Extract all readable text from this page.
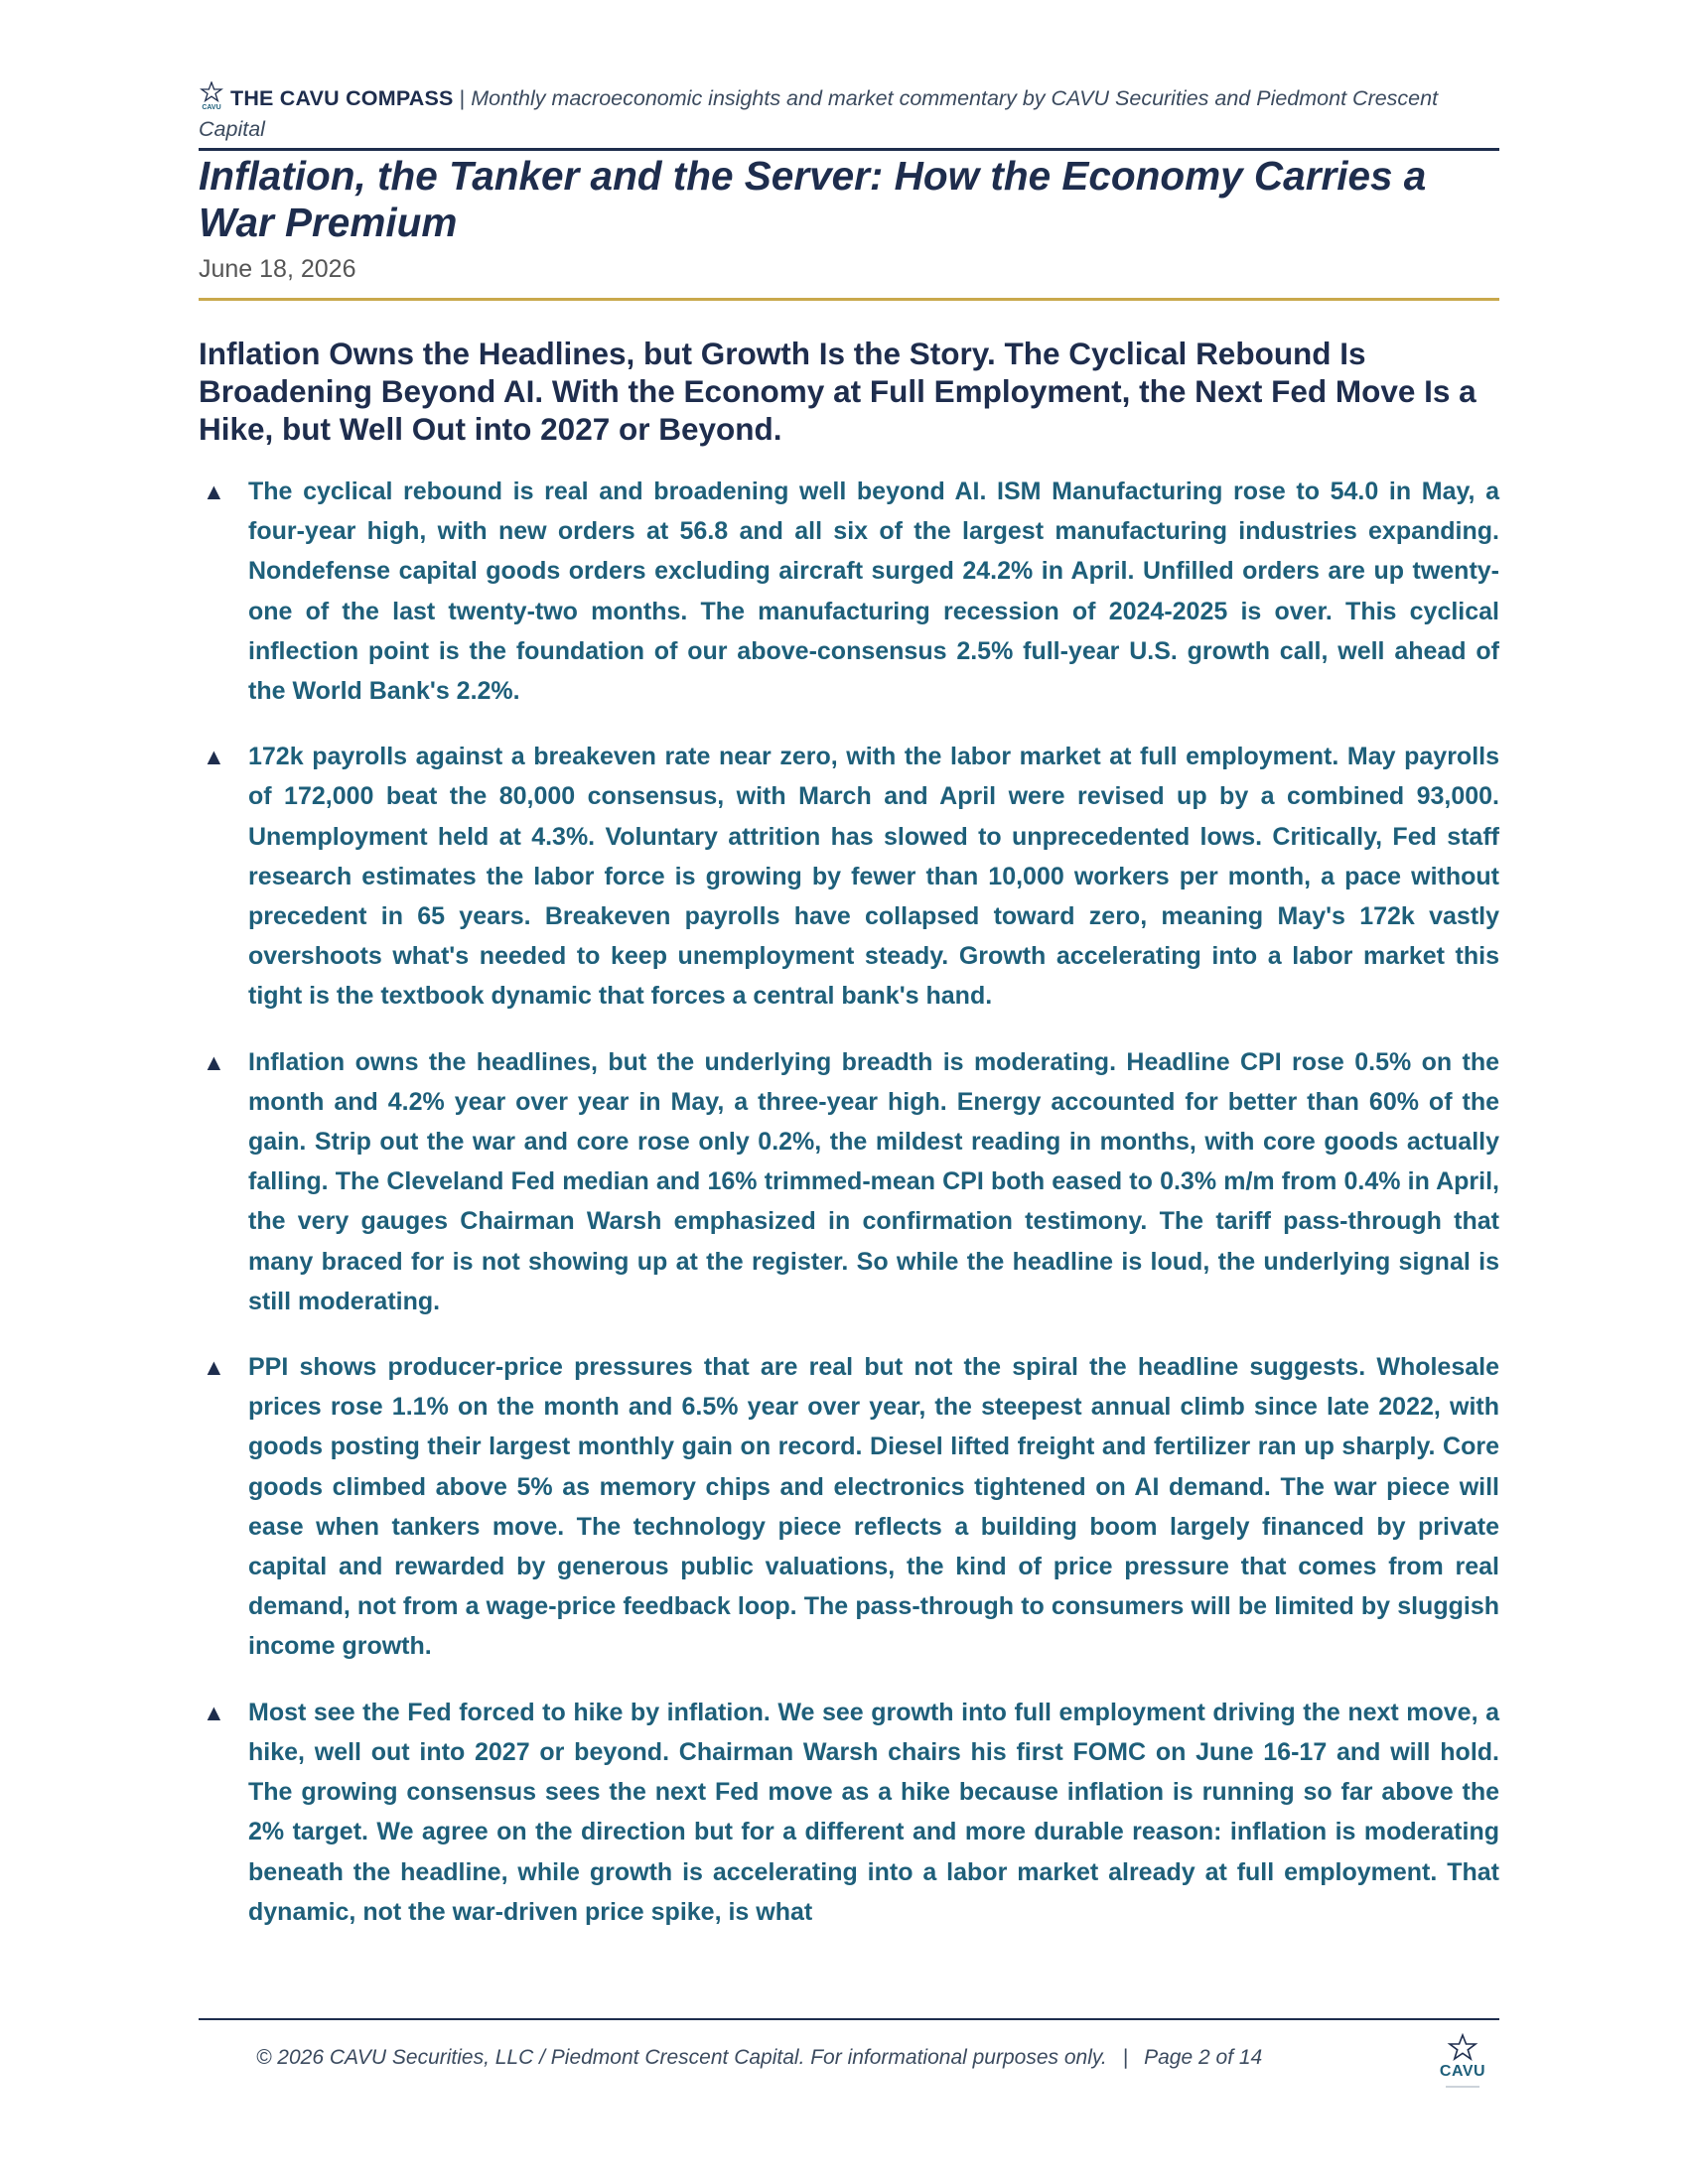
CAVU THE CAVU COMPASS | Monthly macroeconomic insights and market commentary by CAVU Securities and Piedmont Crescent Capital
Inflation, the Tanker and the Server: How the Economy Carries a War Premium
June 18, 2026
Inflation Owns the Headlines, but Growth Is the Story. The Cyclical Rebound Is Broadening Beyond AI. With the Economy at Full Employment, the Next Fed Move Is a Hike, but Well Out into 2027 or Beyond.
▲ The cyclical rebound is real and broadening well beyond AI. ISM Manufacturing rose to 54.0 in May, a four-year high, with new orders at 56.8 and all six of the largest manufacturing industries expanding. Nondefense capital goods orders excluding aircraft surged 24.2% in April. Unfilled orders are up twenty-one of the last twenty-two months. The manufacturing recession of 2024-2025 is over. This cyclical inflection point is the foundation of our above-consensus 2.5% full-year U.S. growth call, well ahead of the World Bank's 2.2%.
▲ 172k payrolls against a breakeven rate near zero, with the labor market at full employment. May payrolls of 172,000 beat the 80,000 consensus, with March and April were revised up by a combined 93,000. Unemployment held at 4.3%. Voluntary attrition has slowed to unprecedented lows. Critically, Fed staff research estimates the labor force is growing by fewer than 10,000 workers per month, a pace without precedent in 65 years. Breakeven payrolls have collapsed toward zero, meaning May's 172k vastly overshoots what's needed to keep unemployment steady. Growth accelerating into a labor market this tight is the textbook dynamic that forces a central bank's hand.
▲ Inflation owns the headlines, but the underlying breadth is moderating. Headline CPI rose 0.5% on the month and 4.2% year over year in May, a three-year high. Energy accounted for better than 60% of the gain. Strip out the war and core rose only 0.2%, the mildest reading in months, with core goods actually falling. The Cleveland Fed median and 16% trimmed-mean CPI both eased to 0.3% m/m from 0.4% in April, the very gauges Chairman Warsh emphasized in confirmation testimony. The tariff pass-through that many braced for is not showing up at the register. So while the headline is loud, the underlying signal is still moderating.
▲ PPI shows producer-price pressures that are real but not the spiral the headline suggests. Wholesale prices rose 1.1% on the month and 6.5% year over year, the steepest annual climb since late 2022, with goods posting their largest monthly gain on record. Diesel lifted freight and fertilizer ran up sharply. Core goods climbed above 5% as memory chips and electronics tightened on AI demand. The war piece will ease when tankers move. The technology piece reflects a building boom largely financed by private capital and rewarded by generous public valuations, the kind of price pressure that comes from real demand, not from a wage-price feedback loop. The pass-through to consumers will be limited by sluggish income growth.
▲ Most see the Fed forced to hike by inflation. We see growth into full employment driving the next move, a hike, well out into 2027 or beyond. Chairman Warsh chairs his first FOMC on June 16-17 and will hold. The growing consensus sees the next Fed move as a hike because inflation is running so far above the 2% target. We agree on the direction but for a different and more durable reason: inflation is moderating beneath the headline, while growth is accelerating into a labor market already at full employment. That dynamic, not the war-driven price spike, is what
© 2026 CAVU Securities, LLC / Piedmont Crescent Capital. For informational purposes only. | Page 2 of 14
CAVU
